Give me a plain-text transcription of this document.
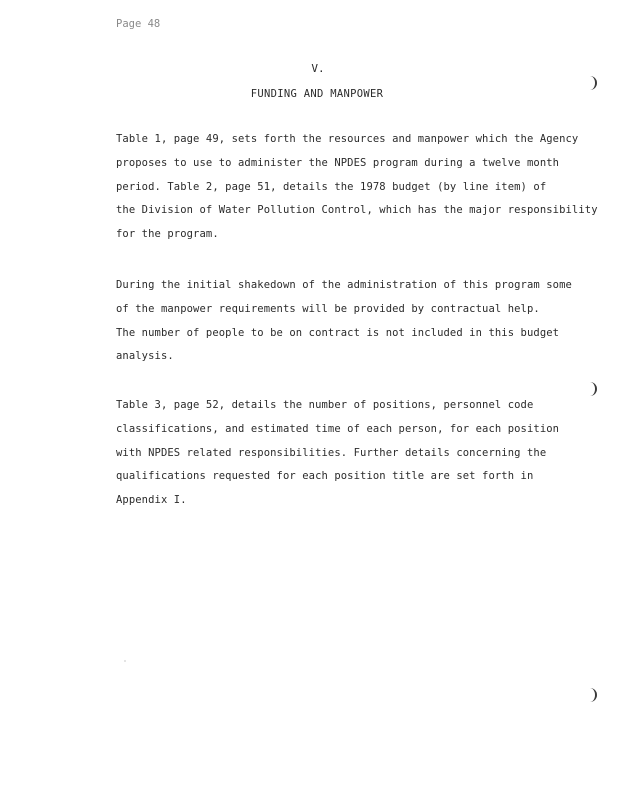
Page 48
V.
FUNDING AND MANPOWER

Table 1, page 49, sets forth the resources and manpower which the Agency
proposes to use to administer the NPDES program during a twelve month
period. Table 2, page 51, details the 1978 budget (by line item) of
the Division of Water Pollution Control, which has the major responsibility
for the program.

During the initial shakedown of the administration of this program some
of the manpower requirements will be provided by contractual help.
The number of people to be on contract is not included in this budget
analysis.

Table 3, page 52, details the number of positions, personnel code
classifications, and estimated time of each person, for each position
with NPDES related responsibilities. Further details concerning the
qualifications requested for each position title are set forth in
Appendix I.
